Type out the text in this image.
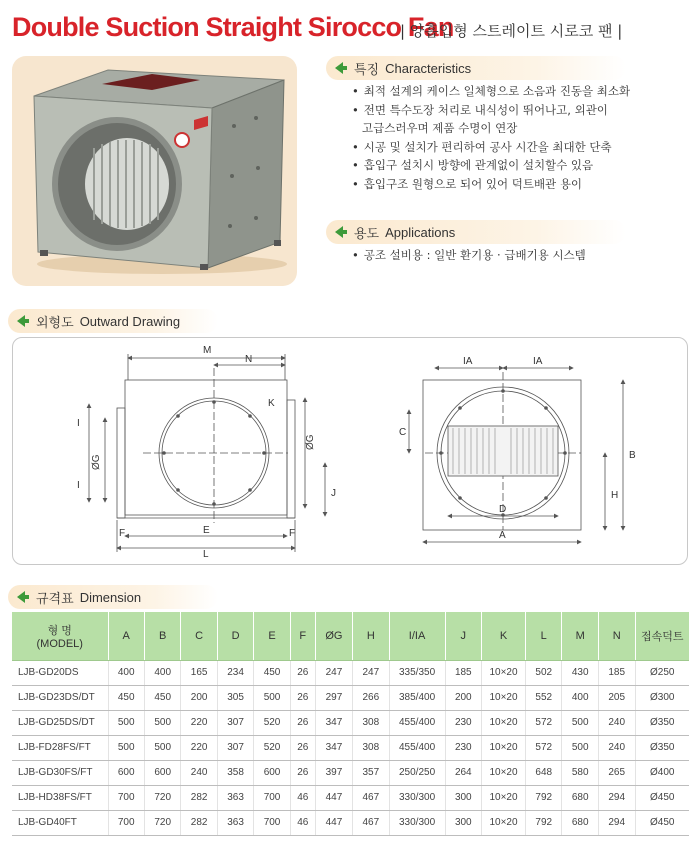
Double Suction Straight Sirocco Fan
| 양흡입형 스트레이트 시로코 팬 |
특징 Characteristics
• 최적 설계의 케이스 일체형으로 소음과 진동을 최소화
• 전면 특수도장 처리로 내식성이 뛰어나고, 외관이
고급스러우며 제품 수명이 연장
• 시공 및 설치가 편리하여 공사 시간을 최대한 단축
• 흡입구 설치시 방향에 관계없이 설치할수 있음
• 흡입구조 원형으로 되어 있어 덕트배관 용이
용도 Applications
• 공조 설비용 : 일반 환기용 · 급배기용 시스템
외형도 Outward Drawing
M
N
K
I
I
ØG
ØG
J
F	E	F
L
IA	IA
C
B
H
D
A
규격표 Dimension
형 명
(MODEL)	A	B	C	D	E	F	ØG	H	I/IA	J	K	L	M	N	접속덕트
LJB-GD20DS	400	400	165	234	450	26	247	247	335/350	185	10×20	502	430	185	Ø250
LJB-GD23DS/DT	450	450	200	305	500	26	297	266	385/400	200	10×20	552	400	205	Ø300
LJB-GD25DS/DT	500	500	220	307	520	26	347	308	455/400	230	10×20	572	500	240	Ø350
LJB-FD28FS/FT	500	500	220	307	520	26	347	308	455/400	230	10×20	572	500	240	Ø350
LJB-GD30FS/FT	600	600	240	358	600	26	397	357	250/250	264	10×20	648	580	265	Ø400
LJB-HD38FS/FT	700	720	282	363	700	46	447	467	330/300	300	10×20	792	680	294	Ø450
LJB-GD40FT	700	720	282	363	700	46	447	467	330/300	300	10×20	792	680	294	Ø450
